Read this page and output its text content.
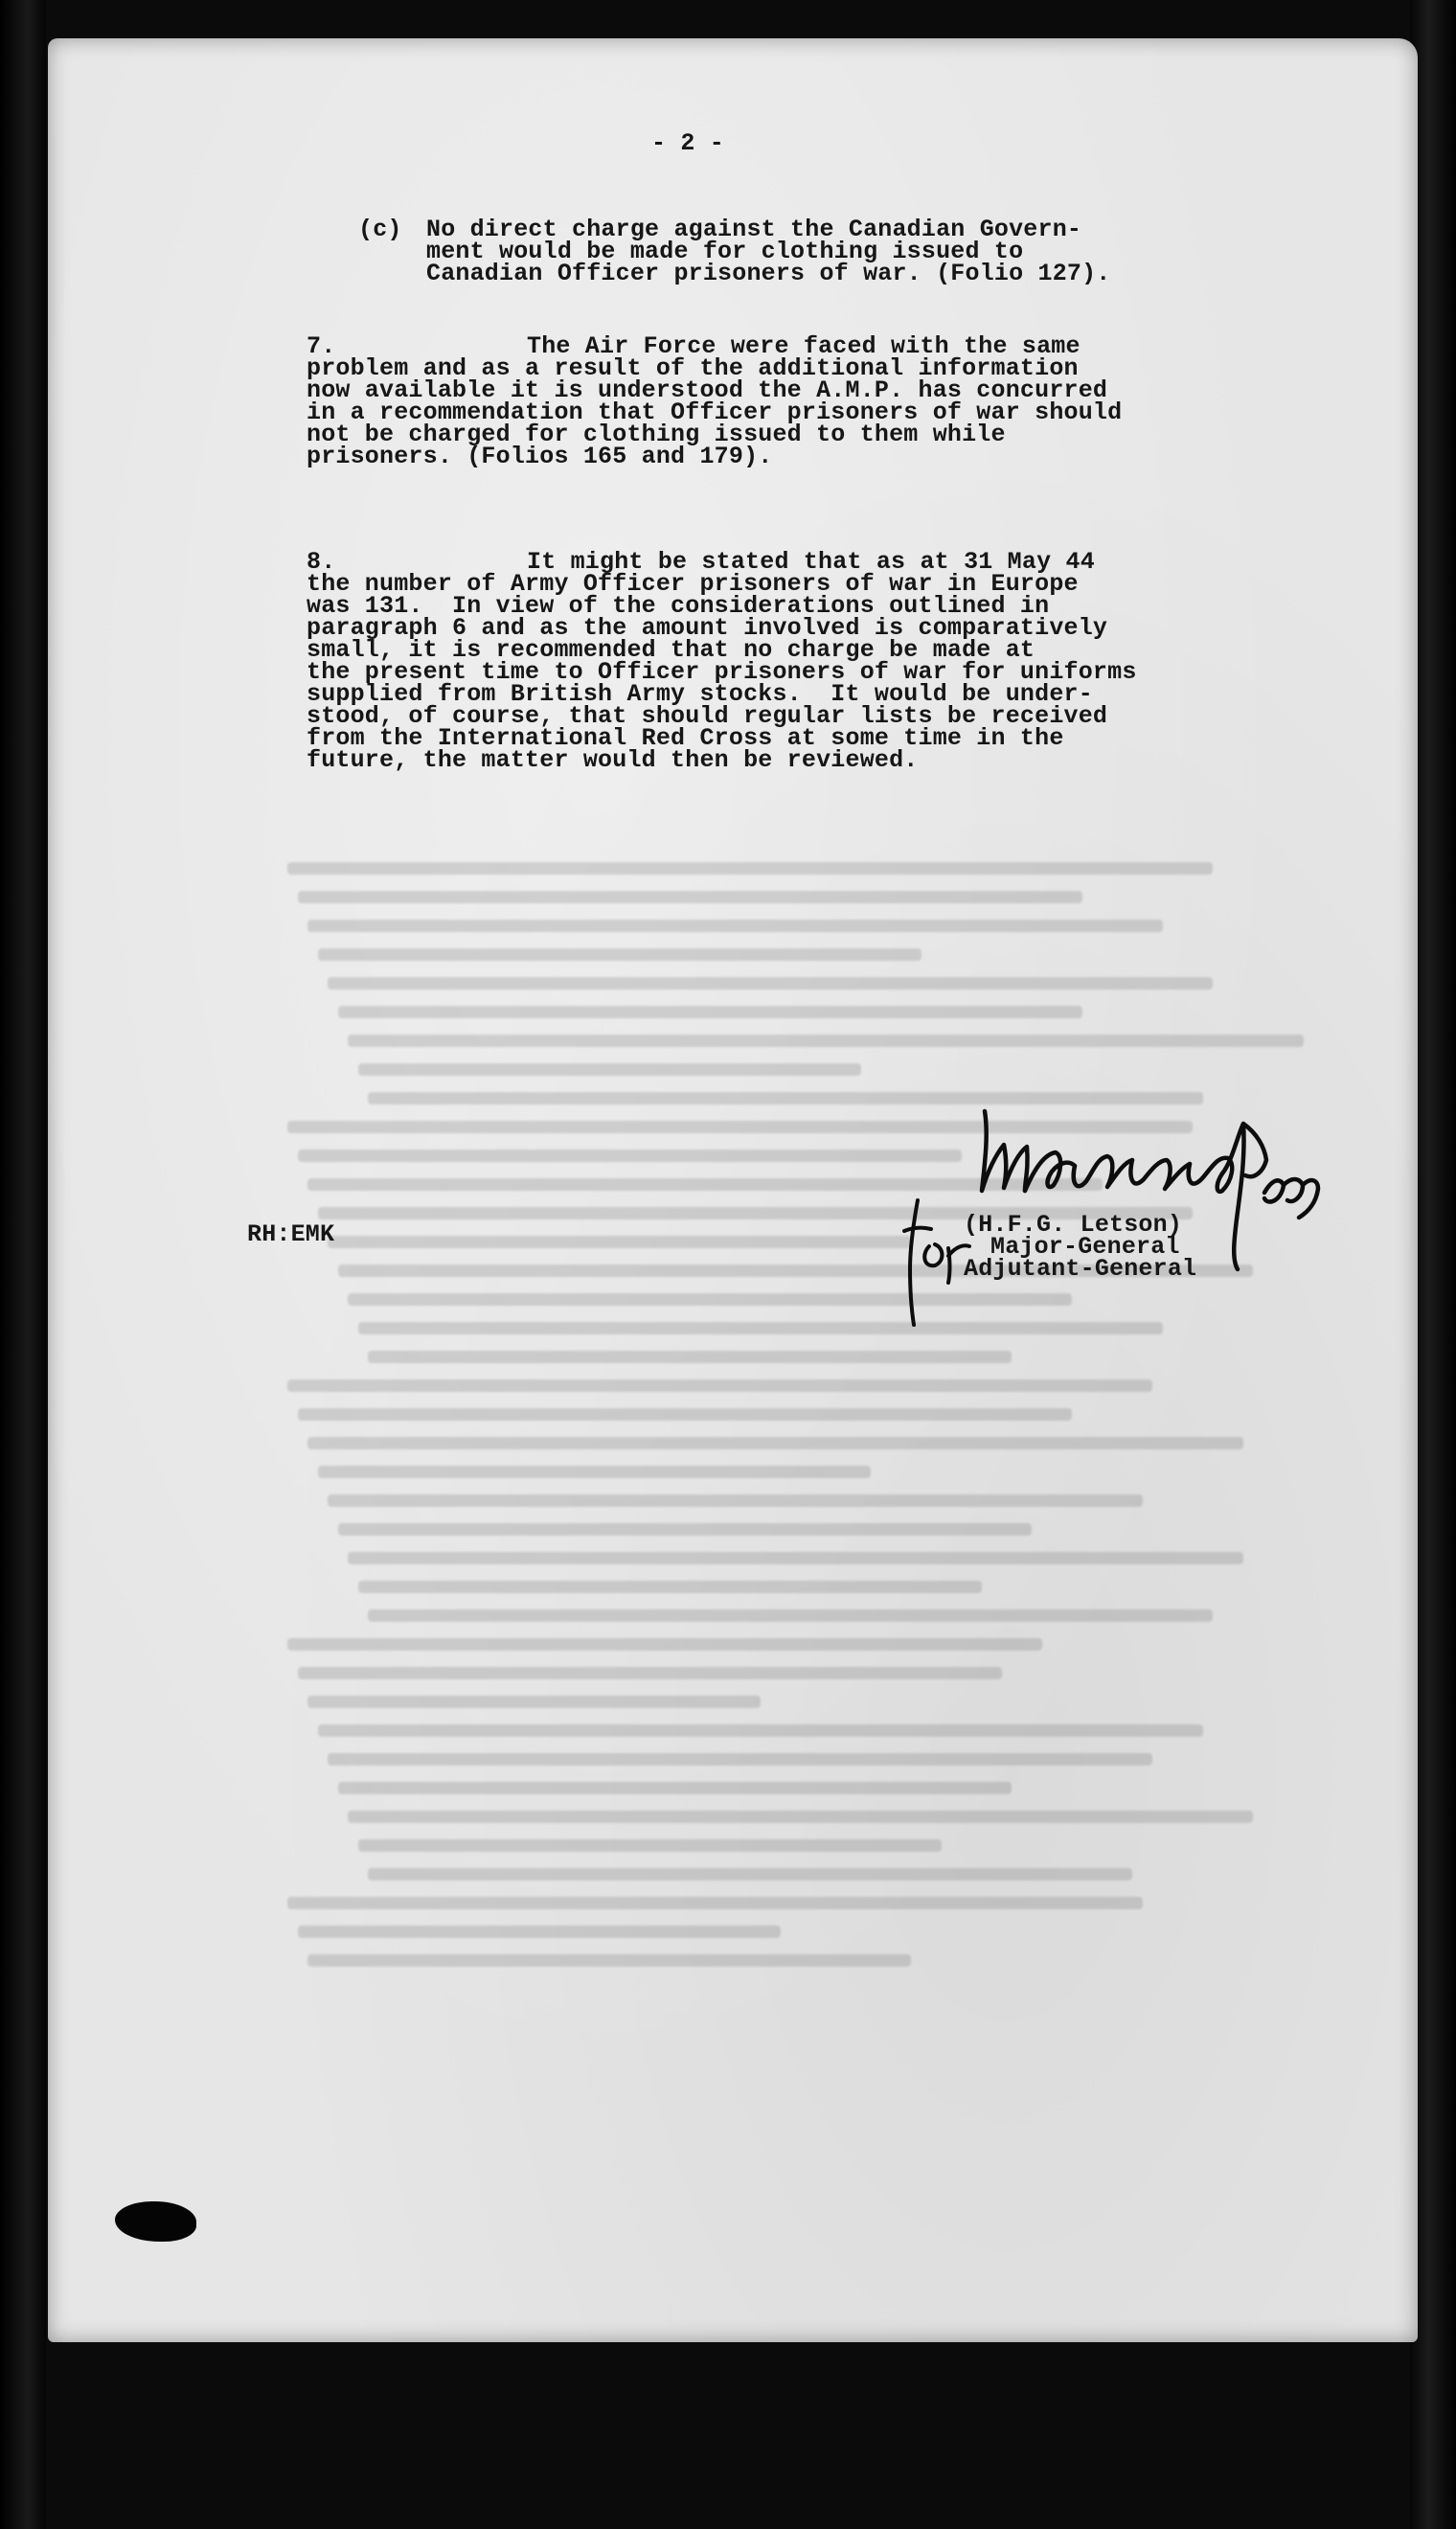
- 2 -
(c) No direct charge against the Canadian Govern-
ment would be made for clothing issued to
Canadian Officer prisoners of war. (Folio 127).
7.	The Air Force were faced with the same
problem and as a result of the additional information
now available it is understood the A.M.P. has concurred
in a recommendation that Officer prisoners of war should
not be charged for clothing issued to them while
prisoners. (Folios 165 and 179).
8.	It might be stated that as at 31 May 44
the number of Army Officer prisoners of war in Europe
was 131.  In view of the considerations outlined in
paragraph 6 and as the amount involved is comparatively
small, it is recommended that no charge be made at
the present time to Officer prisoners of war for uniforms
supplied from British Army stocks.  It would be under-
stood, of course, that should regular lists be received
from the International Red Cross at some time in the
future, the matter would then be reviewed.
RH:EMK	(H.F.G. Letson)
Major-General
Adjutant-General
